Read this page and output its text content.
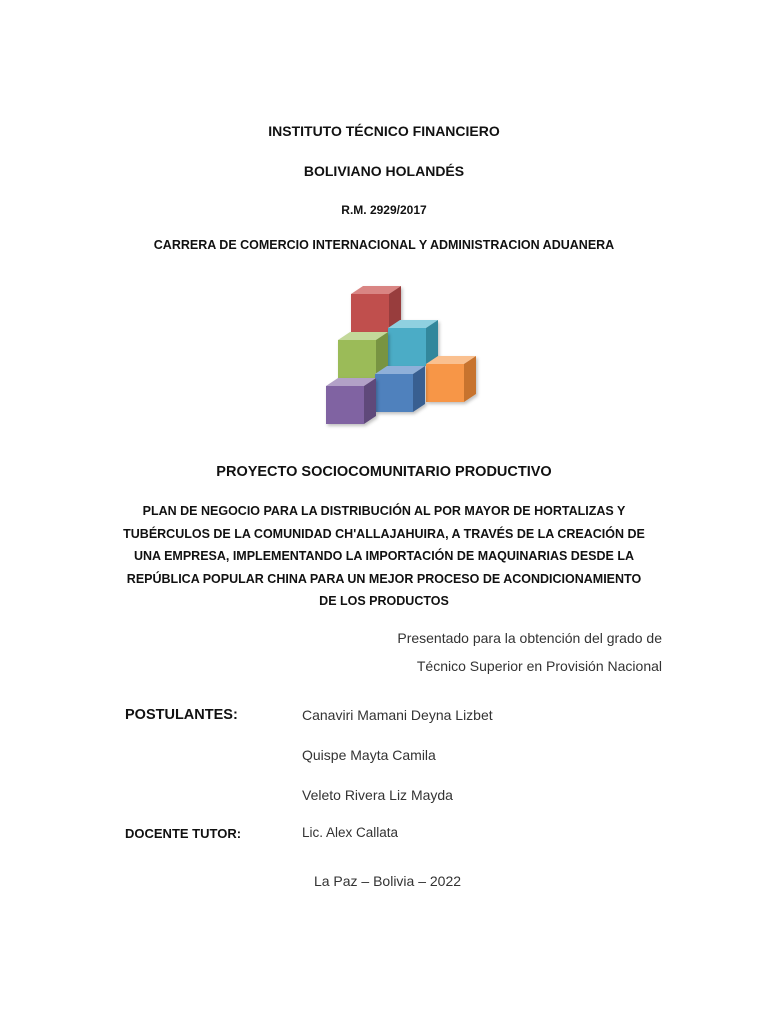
INSTITUTO TÉCNICO FINANCIERO
BOLIVIANO HOLANDÉS
R.M. 2929/2017
CARRERA DE COMERCIO INTERNACIONAL Y ADMINISTRACION ADUANERA
PROYECTO SOCIOCOMUNITARIO PRODUCTIVO
PLAN DE NEGOCIO PARA LA DISTRIBUCIÓN AL POR MAYOR DE HORTALIZAS Y
TUBÉRCULOS DE LA COMUNIDAD CH'ALLAJAHUIRA, A TRAVÉS DE LA CREACIÓN DE
UNA EMPRESA, IMPLEMENTANDO LA IMPORTACIÓN DE MAQUINARIAS DESDE LA
REPÚBLICA POPULAR CHINA PARA UN MEJOR PROCESO DE ACONDICIONAMIENTO
DE LOS PRODUCTOS
Presentado para la obtención del grado de
Técnico Superior en Provisión Nacional
POSTULANTES:	Canaviri Mamani Deyna Lizbet
Quispe Mayta Camila
Veleto Rivera Liz Mayda
DOCENTE TUTOR:	Lic. Alex Callata
La Paz – Bolivia – 2022
